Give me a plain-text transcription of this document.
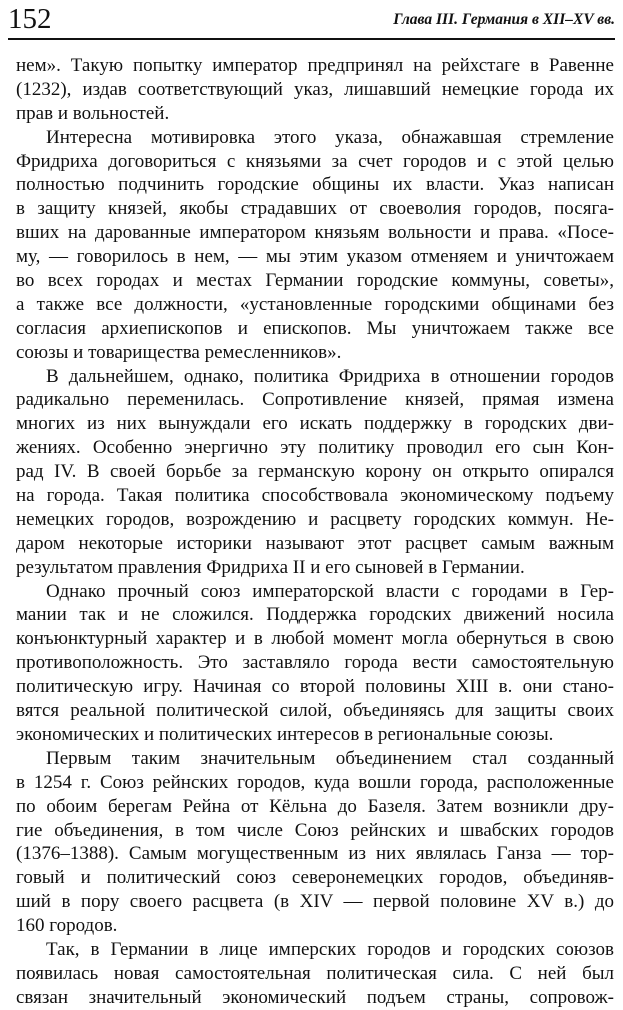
152	Глава III. Германия в XII–XV вв.
нем». Такую попытку император предпринял на рейхстаге в Равенне
(1232), издав соответствующий указ, лишавший немецкие города их
прав и вольностей.
Интересна мотивировка этого указа, обнажавшая стремление
Фридриха договориться с князьями за счет городов и с этой целью
полностью подчинить городские общины их власти. Указ написан
в защиту князей, якобы страдавших от своеволия городов, посяга-
вших на дарованные императором князьям вольности и права. «Посе-
му, — говорилось в нем, — мы этим указом отменяем и уничтожаем
во всех городах и местах Германии городские коммуны, советы»,
а также все должности, «установленные городскими общинами без
согласия архиепископов и епископов. Мы уничтожаем также все
союзы и товарищества ремесленников».
В дальнейшем, однако, политика Фридриха в отношении городов
радикально переменилась. Сопротивление князей, прямая измена
многих из них вынуждали его искать поддержку в городских дви-
жениях. Особенно энергично эту политику проводил его сын Кон-
рад IV. В своей борьбе за германскую корону он открыто опирался
на города. Такая политика способствовала экономическому подъему
немецких городов, возрождению и расцвету городских коммун. Не-
даром некоторые историки называют этот расцвет самым важным
результатом правления Фридриха II и его сыновей в Германии.
Однако прочный союз императорской власти с городами в Гер-
мании так и не сложился. Поддержка городских движений носила
конъюнктурный характер и в любой момент могла обернуться в свою
противоположность. Это заставляло города вести самостоятельную
политическую игру. Начиная со второй половины XIII в. они стано-
вятся реальной политической силой, объединяясь для защиты своих
экономических и политических интересов в региональные союзы.
Первым таким значительным объединением стал созданный
в 1254 г. Союз рейнских городов, куда вошли города, расположенные
по обоим берегам Рейна от Кёльна до Базеля. Затем возникли дру-
гие объединения, в том числе Союз рейнских и швабских городов
(1376–1388). Самым могущественным из них являлась Ганза — тор-
говый и политический союз северонемецких городов, объединяв-
ший в пору своего расцвета (в XIV — первой половине XV в.) до
160 городов.
Так, в Германии в лице имперских городов и городских союзов
появилась новая самостоятельная политическая сила. С ней был
связан значительный экономический подъем страны, сопровож-
